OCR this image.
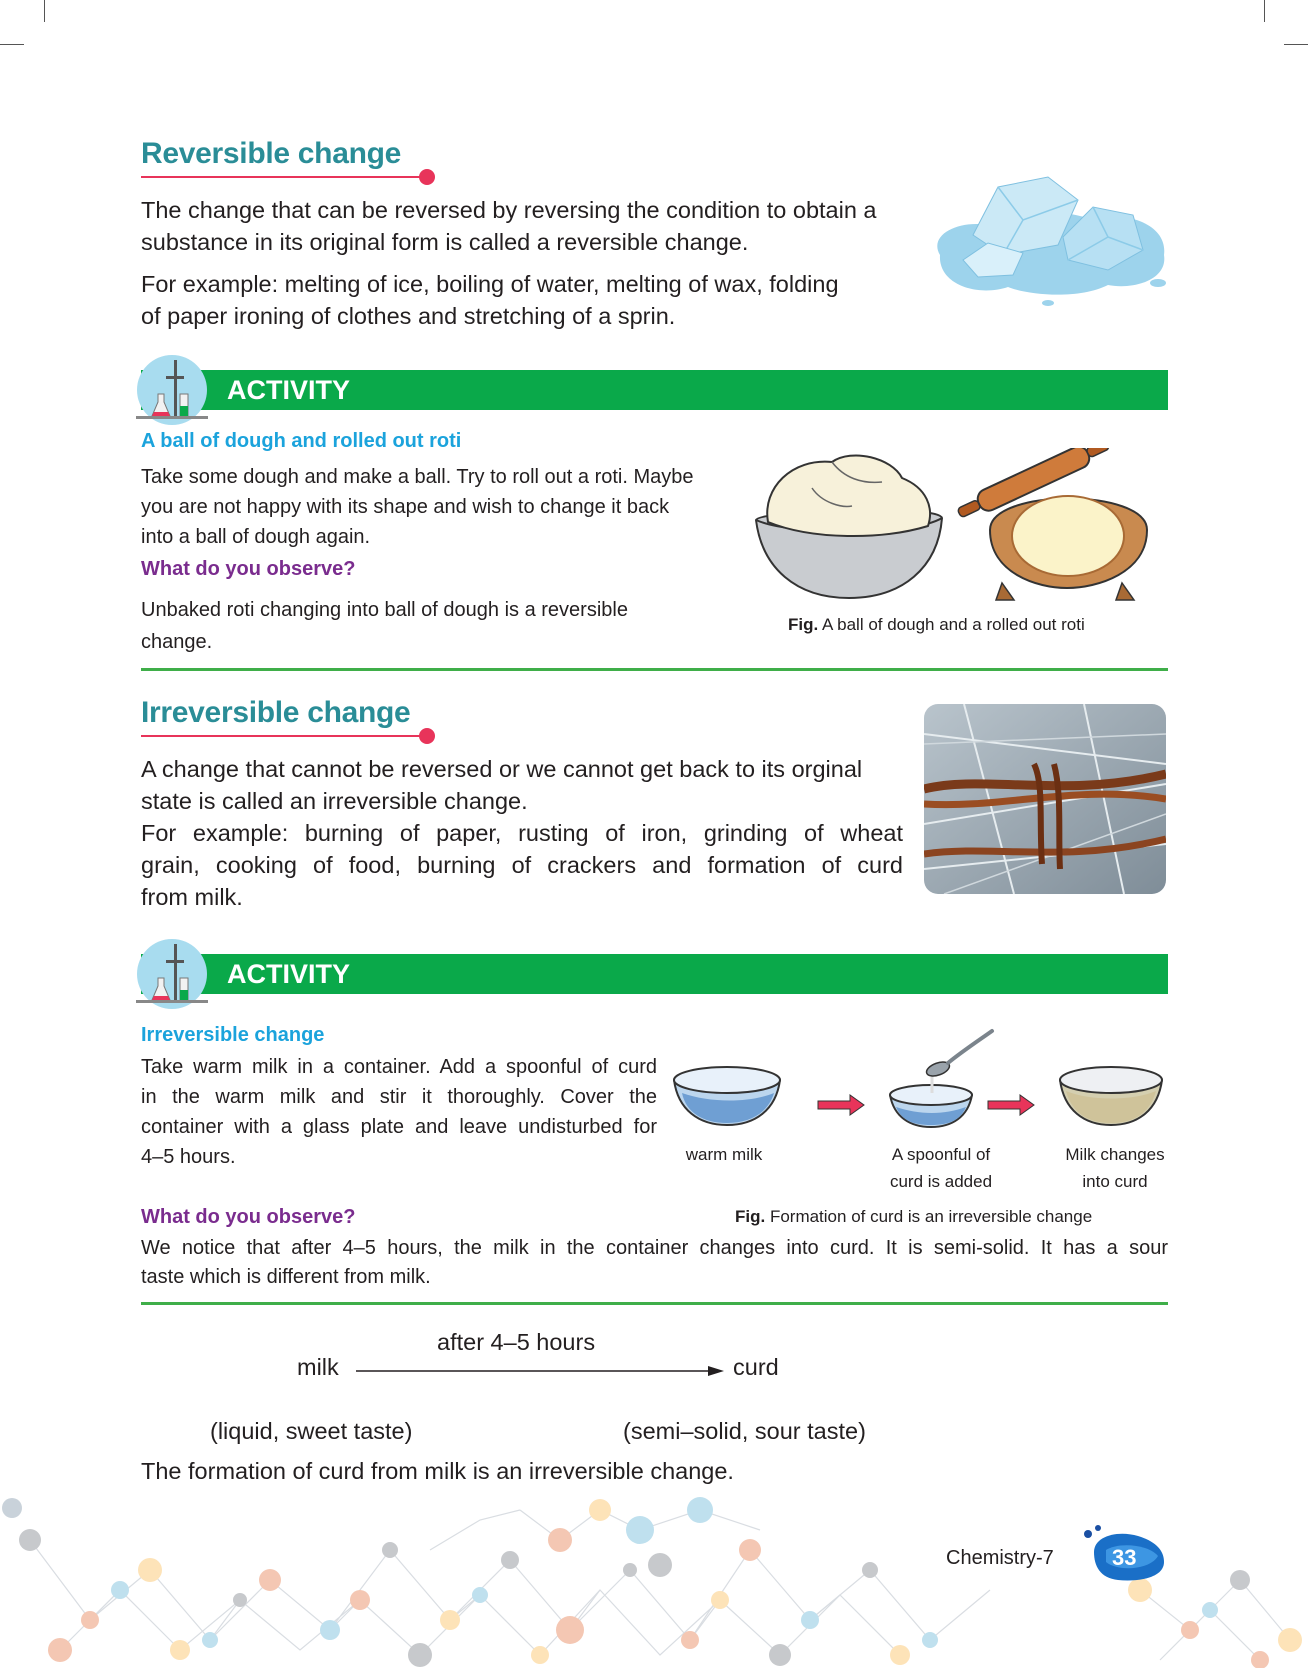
Reversible change
The change that can be reversed by reversing the condition to obtain a
substance in its original form is called a reversible change.
For example: melting of ice, boiling of water, melting of wax, folding
of paper ironing of clothes and stretching of a sprin.
ACTIVITY
A ball of dough and rolled out roti
Take some dough and make a ball. Try to roll out a roti. Maybe
you are not happy with its shape and wish to change it back
into a ball of dough again.
What do you observe?
Unbaked roti changing into ball of dough is a reversible
change.
Fig. A ball of dough and a rolled out roti
Irreversible change
A change that cannot be reversed or we cannot get back to its orginal
state is called an irreversible change.
For example: burning of paper, rusting of iron, grinding of wheat
grain, cooking of food, burning of crackers and formation of curd
from milk.
ACTIVITY
Irreversible change
Take warm milk in a container. Add a spoonful of curd
in the warm milk and stir it thoroughly. Cover the
container with a glass plate and leave undisturbed for
4–5 hours.	warm milk	A spoonful of
curd is added
Milk changes
into curd
What do you observe?	Fig. Formation of curd is an irreversible change
We notice that after 4–5 hours, the milk in the container changes into curd. It is semi-solid. It has a sour
taste which is different from milk.
after 4–5 hours
milk	curd
(liquid, sweet taste)	(semi–solid, sour taste)
The formation of curd from milk is an irreversible change.
Chemistry-7	33
